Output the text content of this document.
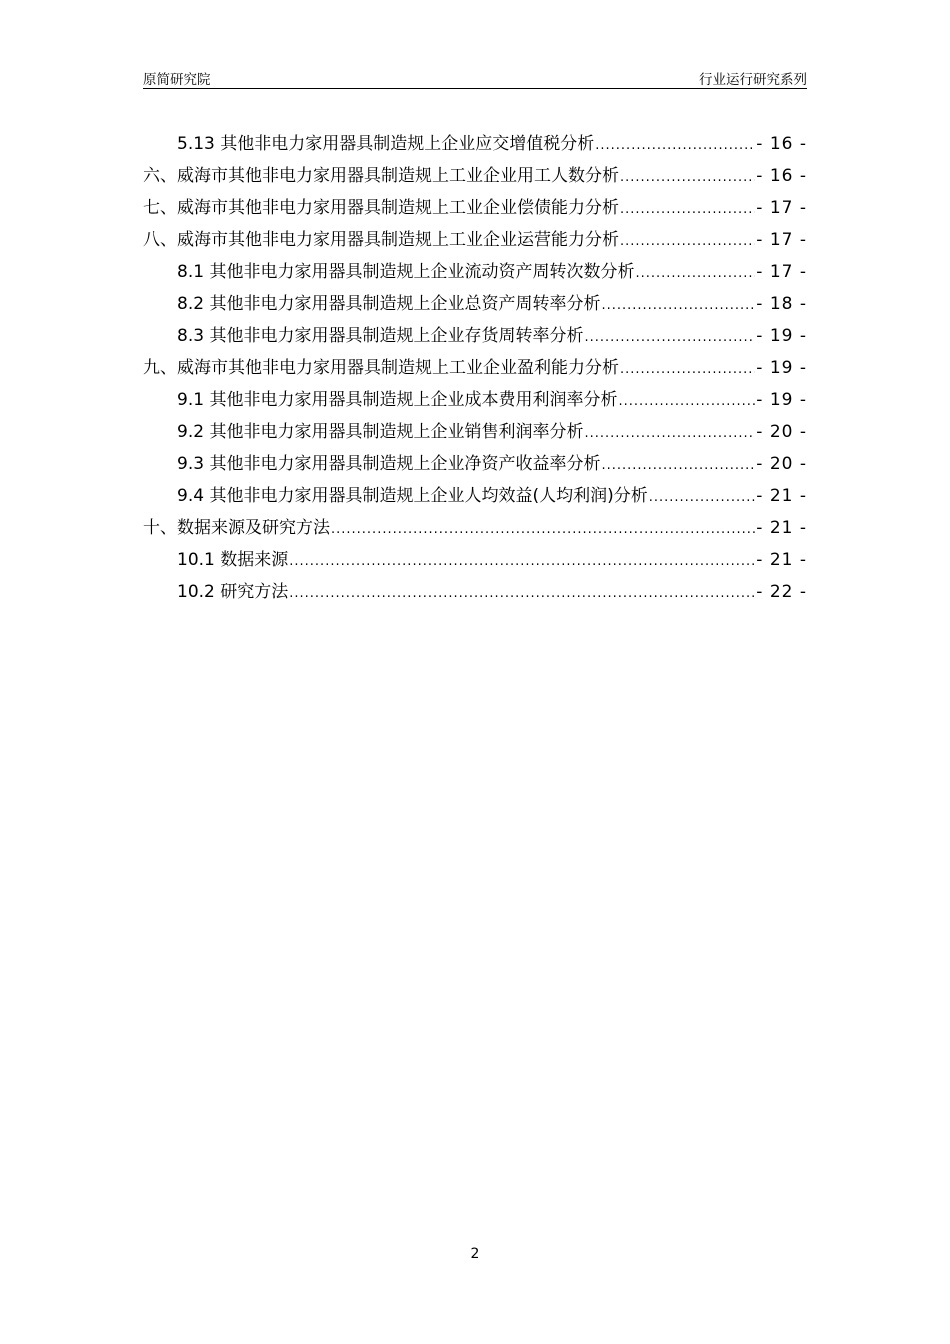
原简研究院	行业运行研究系列
5.13 其他非电力家用器具制造规上企业应交增值税分析 .....	- 16 -
六、威海市其他非电力家用器具制造规上工业企业用工人数分析 .....	- 16 -
七、威海市其他非电力家用器具制造规上工业企业偿债能力分析 .....	- 17 -
八、威海市其他非电力家用器具制造规上工业企业运营能力分析 .....	- 17 -
8.1 其他非电力家用器具制造规上企业流动资产周转次数分析 .....	- 17 -
8.2 其他非电力家用器具制造规上企业总资产周转率分析 .....	- 18 -
8.3 其他非电力家用器具制造规上企业存货周转率分析 .....	- 19 -
九、威海市其他非电力家用器具制造规上工业企业盈利能力分析 .....	- 19 -
9.1 其他非电力家用器具制造规上企业成本费用利润率分析 .....	- 19 -
9.2 其他非电力家用器具制造规上企业销售利润率分析 .....	- 20 -
9.3 其他非电力家用器具制造规上企业净资产收益率分析 .....	- 20 -
9.4 其他非电力家用器具制造规上企业人均效益(人均利润)分析 .....	- 21 -
十、数据来源及研究方法 .....	- 21 -
10.1 数据来源 .....	- 21 -
10.2 研究方法 .....	- 22 -
2
